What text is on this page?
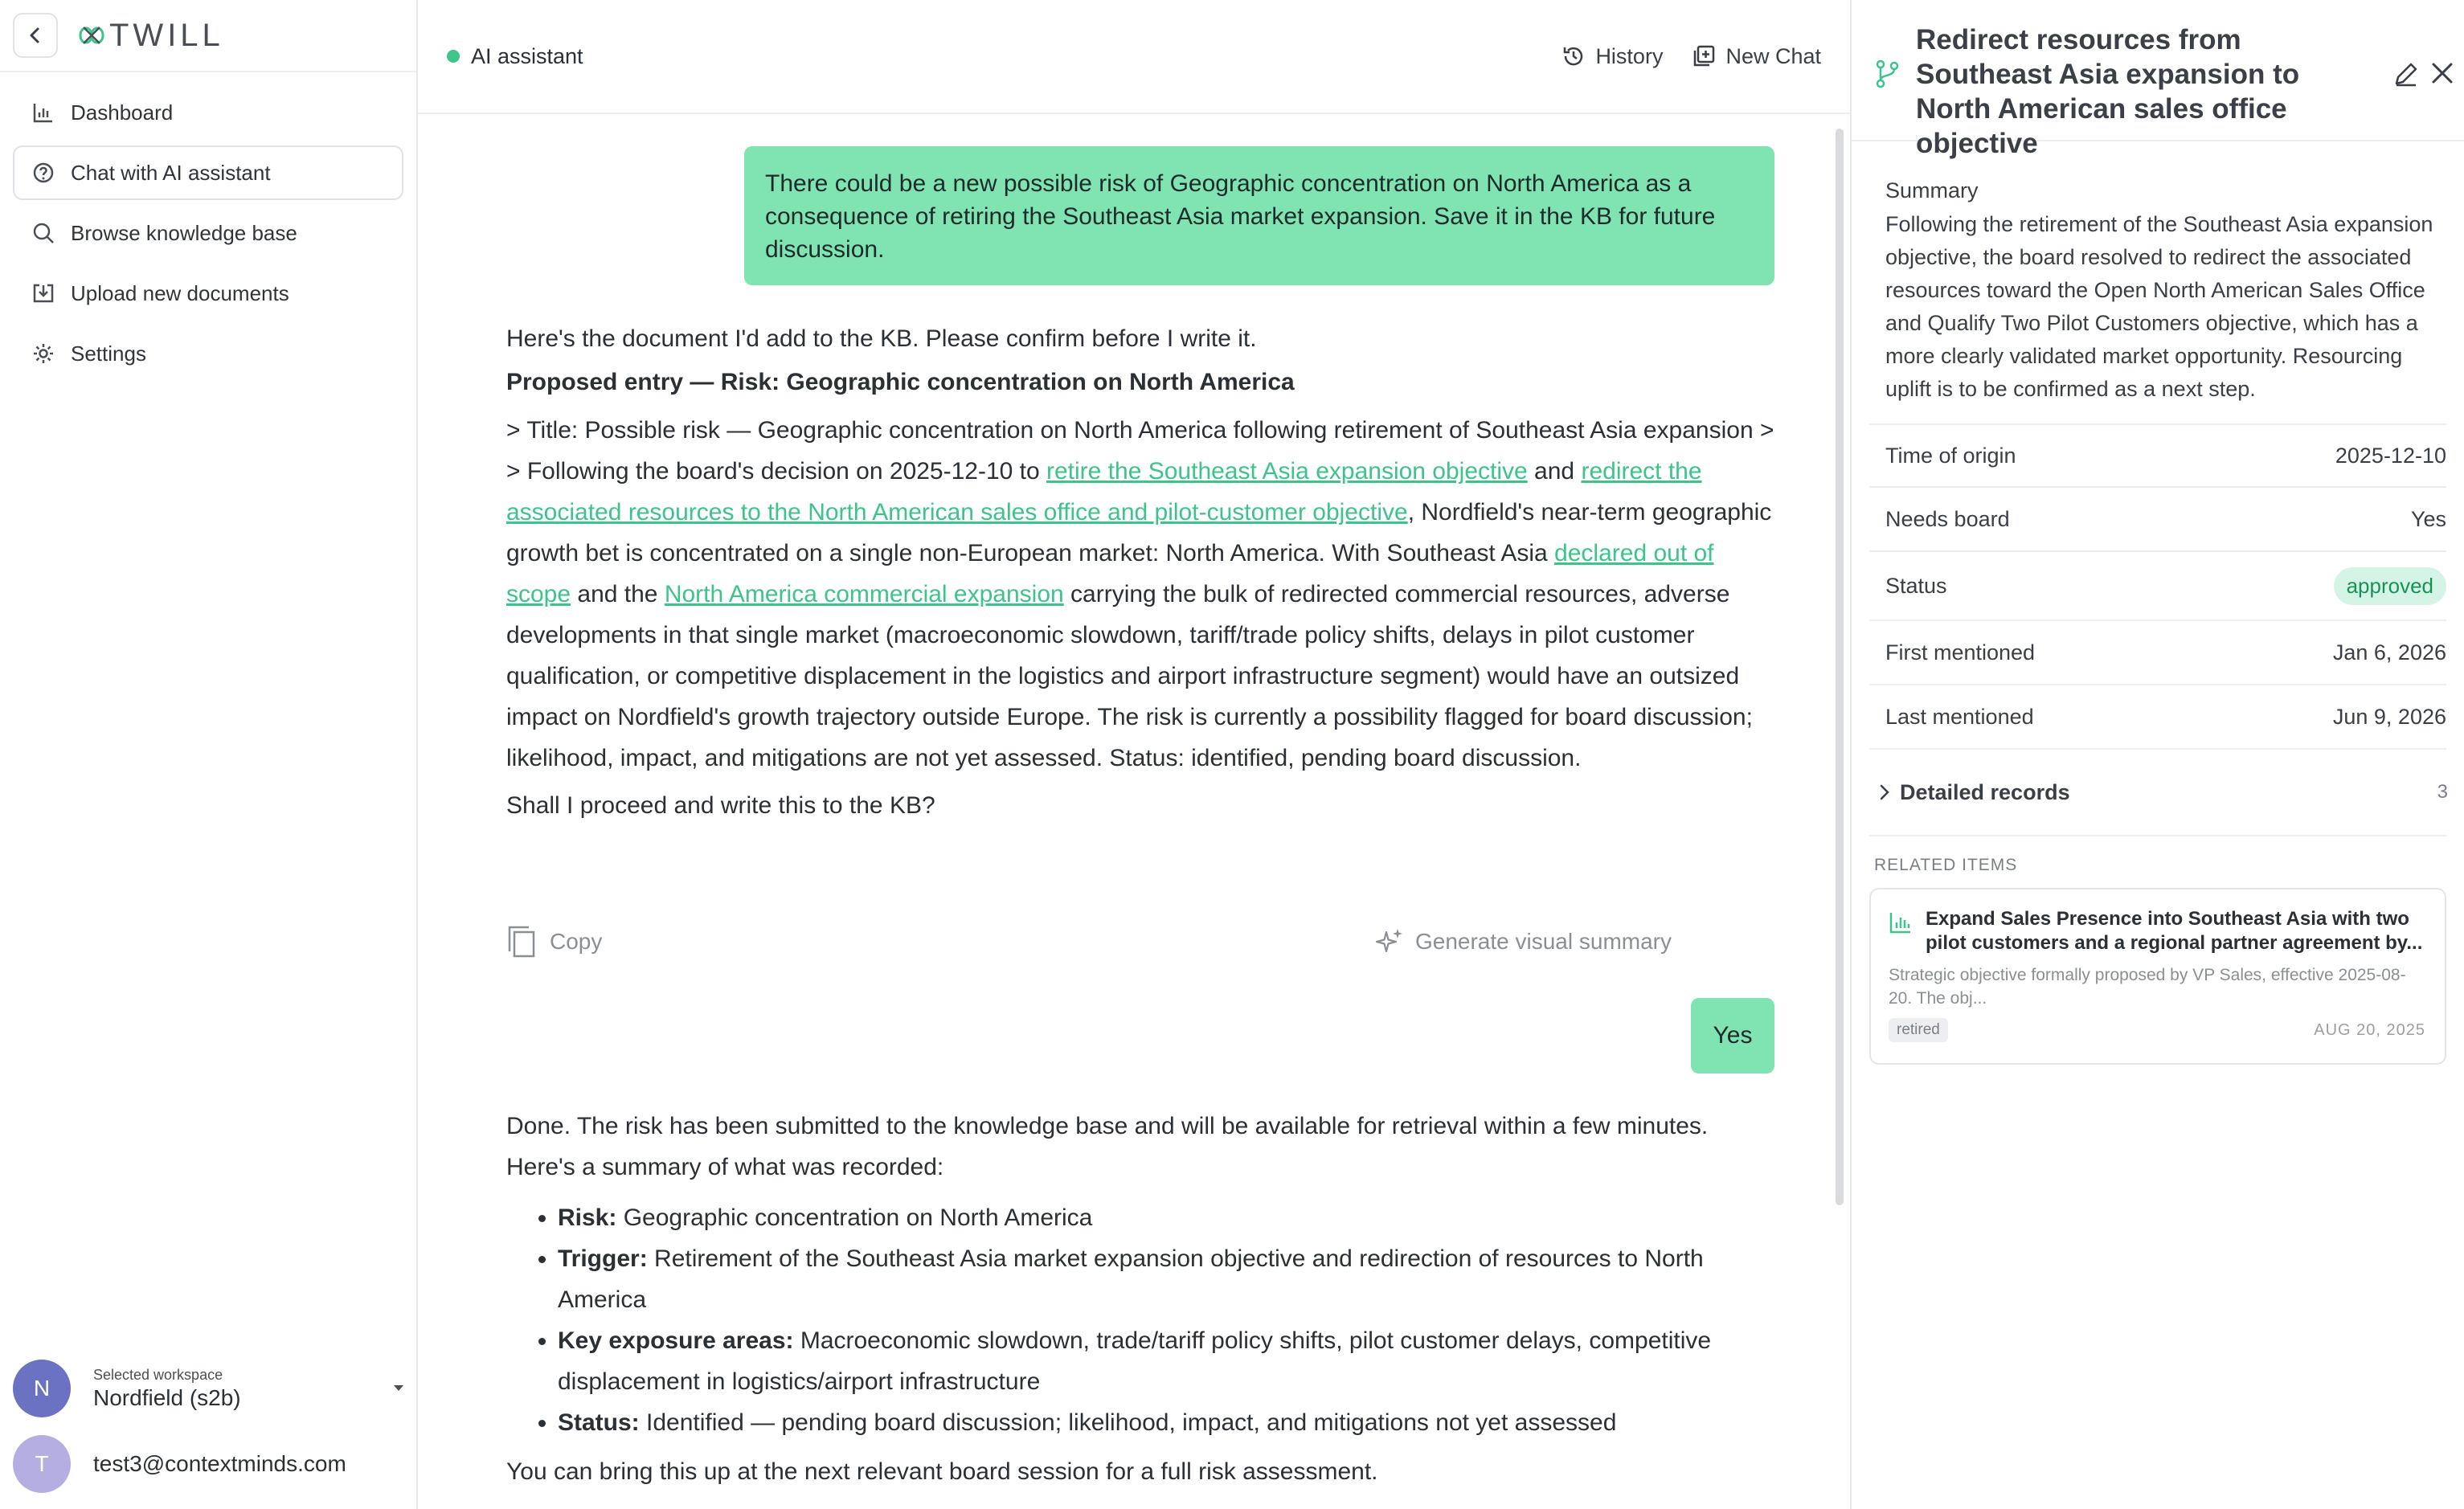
TWILL
Dashboard
Chat with AI assistant
Browse knowledge base
Upload new documents
Settings
N
Selected workspace
Nordfield (s2b)
T	test3@contextminds.com
AI assistant	History	New Chat
There could be a new possible risk of Geographic concentration on North America as a consequence of retiring the Southeast Asia market expansion. Save it in the KB for future discussion.

Here's the document I'd add to the KB. Please confirm before I write it.

Proposed entry — Risk: Geographic concentration on North America

> Title: Possible risk — Geographic concentration on North America following retirement of Southeast Asia expansion > > Following the board's decision on 2025-12-10 to retire the Southeast Asia expansion objective and redirect the associated resources to the North American sales office and pilot-customer objective, Nordfield's near-term geographic growth bet is concentrated on a single non-European market: North America. With Southeast Asia declared out of scope and the North America commercial expansion carrying the bulk of redirected commercial resources, adverse developments in that single market (macroeconomic slowdown, tariff/trade policy shifts, delays in pilot customer qualification, or competitive displacement in the logistics and airport infrastructure segment) would have an outsized impact on Nordfield's growth trajectory outside Europe. The risk is currently a possibility flagged for board discussion; likelihood, impact, and mitigations are not yet assessed. Status: identified, pending board discussion.

Shall I proceed and write this to the KB?

Copy	Generate visual summary
Yes

Done. The risk has been submitted to the knowledge base and will be available for retrieval within a few minutes. Here's a summary of what was recorded:

• Risk: Geographic concentration on North America
• Trigger: Retirement of the Southeast Asia market expansion objective and redirection of resources to North America
• Key exposure areas: Macroeconomic slowdown, trade/tariff policy shifts, pilot customer delays, competitive displacement in logistics/airport infrastructure
• Status: Identified — pending board discussion; likelihood, impact, and mitigations not yet assessed

You can bring this up at the next relevant board session for a full risk assessment.

Redirect resources from Southeast Asia expansion to North American sales office objective
Summary
Following the retirement of the Southeast Asia expansion objective, the board resolved to redirect the associated resources toward the Open North American Sales Office and Qualify Two Pilot Customers objective, which has a more clearly validated market opportunity. Resourcing uplift is to be confirmed as a next step.
Time of origin	2025-12-10
Needs board	Yes
Status	approved
First mentioned	Jan 6, 2026
Last mentioned	Jun 9, 2026
Detailed records	3
RELATED ITEMS
Expand Sales Presence into Southeast Asia with two pilot customers and a regional partner agreement by...
Strategic objective formally proposed by VP Sales, effective 2025-08-20. The obj...
retired	AUG 20, 2025
